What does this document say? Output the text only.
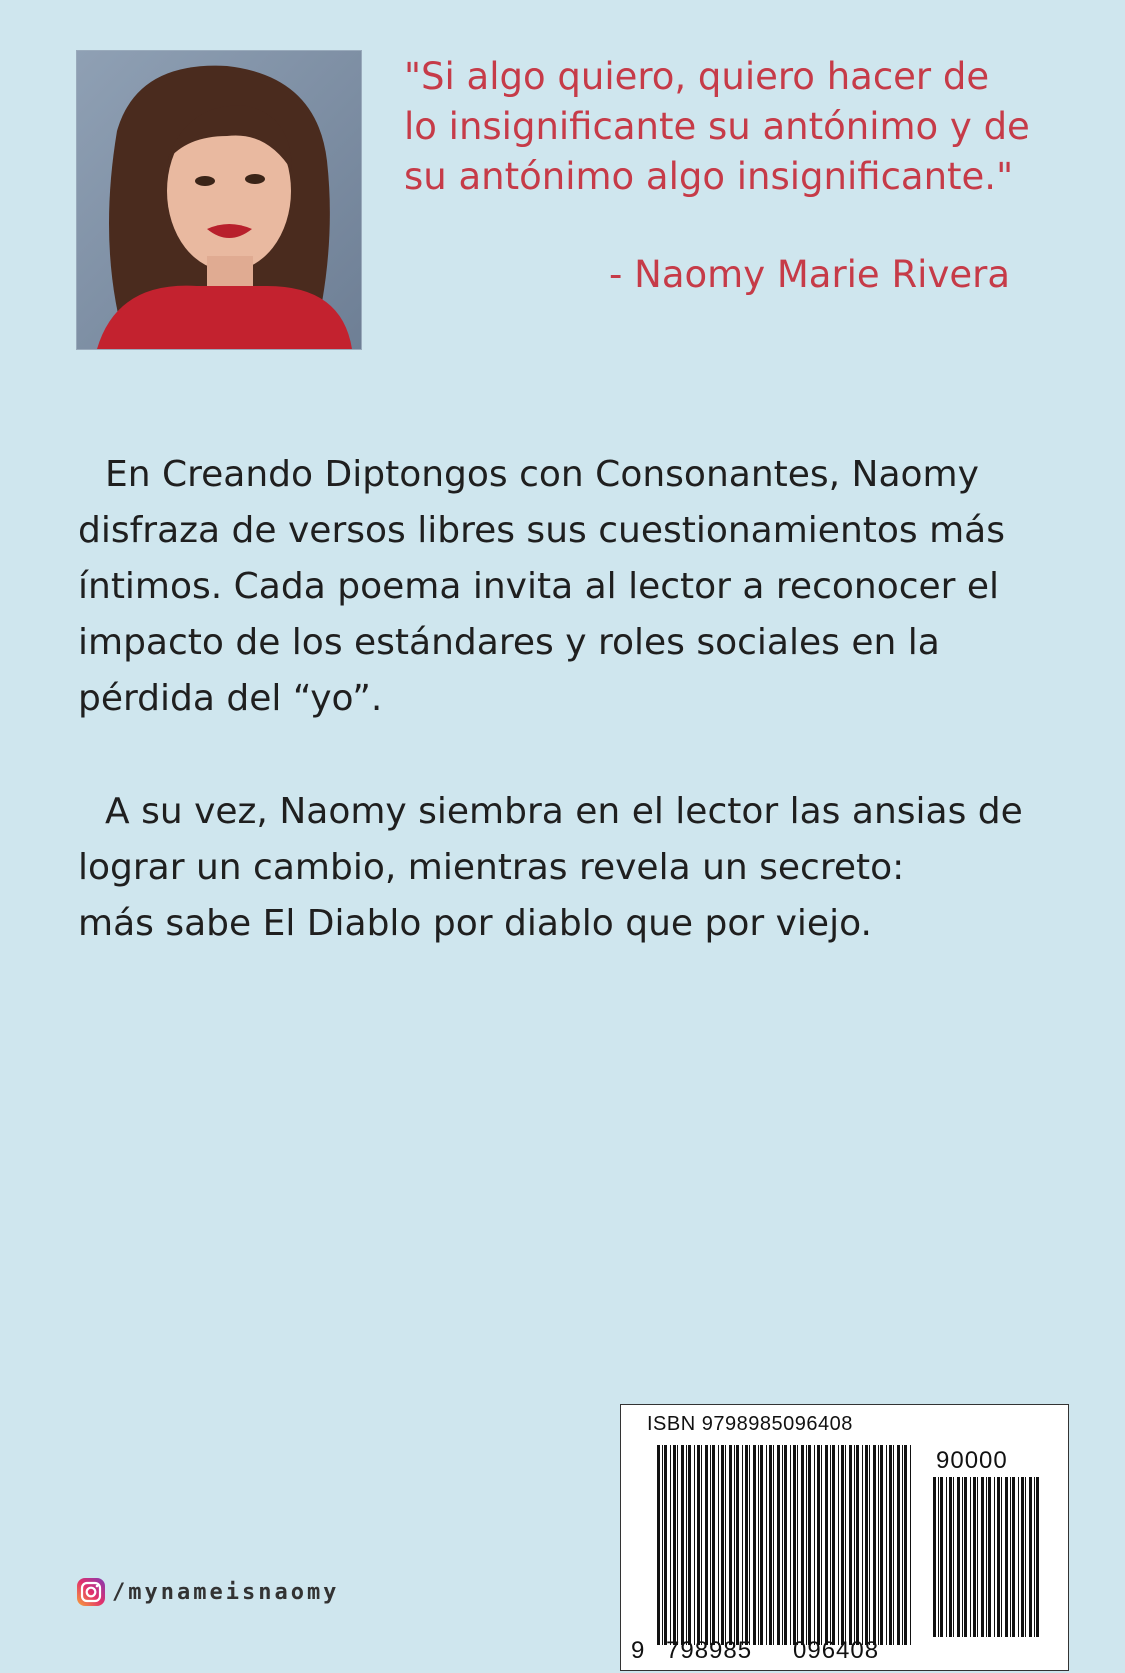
"Si algo quiero, quiero hacer de
lo insignificante su antónimo y de
su antónimo algo insignificante."
- Naomy Marie Rivera
En Creando Diptongos con Consonantes, Naomy
disfraza de versos libres sus cuestionamientos más
íntimos. Cada poema invita al lector a reconocer el
impacto de los estándares y roles sociales en la
pérdida del “yo”.
A su vez, Naomy siembra en el lector las ansias de
lograr un cambio, mientras revela un secreto:
más sabe El Diablo por diablo que por viejo.
/mynameisnaomy
ISBN 9798985096408
90000
9 798985 096408
